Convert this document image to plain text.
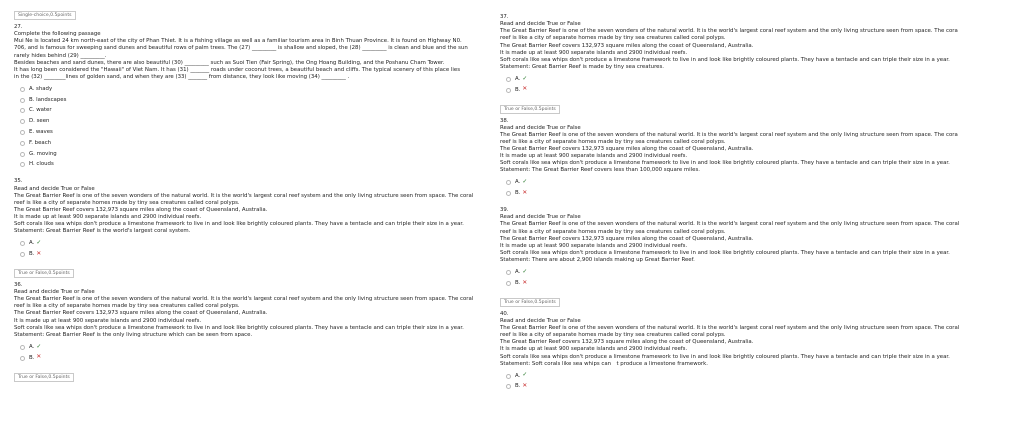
Single-choice,0.5points
27.
Complete the following passage

Mui Ne is located 24 km north-east of the city of Phan Thiet. It is a fishing village as well as a familiar tourism area in Binh Thuan Province. It is found on Highway N0.

706, and is famous for sweeping sand dunes and beautiful rows of palm trees. The (27) _________ is shallow and sloped, the (28) _________ is clean and blue and the sun

rarely hides behind (29) _________.

Besides beaches and sand dunes, there are also beautiful (30) _________ such as Suoi Tien (Fair Spring), the Ong Hoang Building, and the Poshanu Cham Tower.

It has long been considered the "Hawaii" of Viet Nam. It has (31) _______ roads under coconut trees, a beautiful beach and cliffs. The typical scenery of this place lies

in the (32) ________lines of golden sand, and when they are (33) _______ from distance, they look like moving (34) _________ .

A. shady
B. landscapes
C. water
D. seen
E. waves
F. beach
G. moving
H. clouds
35.
Read and decide True or False

The Great Barrier Reef is one of the seven wonders of the natural world. It is the world's largest coral reef system and the only living structure seen from space. The coral

reef is like a city of separate homes made by tiny sea creatures called coral polyps.

The Great Barrier Reef covers 132,973 square miles along the coast of Queensland, Australia.

It is made up at least 900 separate islands and 2900 individual reefs.

Soft corals like sea whips don't produce a limestone framework to live in and look like brightly coloured plants. They have a tentacle and can triple their size in a year.

Statement: Great Barrier Reef is the world's largest coral system.

A. ✓
B. ✕
True or False,0.5points
36.
Read and decide True or False

The Great Barrier Reef is one of the seven wonders of the natural world. It is the world's largest coral reef system and the only living structure seen from space. The coral

reef is like a city of separate homes made by tiny sea creatures called coral polyps.

The Great Barrier Reef covers 132,973 square miles along the coast of Queensland, Australia.

It is made up at least 900 separate islands and 2900 individual reefs.

Soft corals like sea whips don't produce a limestone framework to live in and look like brightly coloured plants. They have a tentacle and can triple their size in a year.

Statement: Great Barrier Reef is the only living structure which can be seen from space.

A. ✓
B. ✕
True or False,0.5points
37.
Read and decide True or False

The Great Barrier Reef is one of the seven wonders of the natural world. It is the world's largest coral reef system and the only living structure seen from space. The cora

reef is like a city of separate homes made by tiny sea creatures called coral polyps.

The Great Barrier Reef covers 132,973 square miles along the coast of Queensland, Australia.

It is made up at least 900 separate islands and 2900 individual reefs.

Soft corals like sea whips don't produce a limestone framework to live in and look like brightly coloured plants. They have a tentacle and can triple their size in a year.

Statement: Great Barrier Reef is made by tiny sea creatures.

A. ✓
B. ✕
True or False,0.5points
38.
Read and decide True or False

The Great Barrier Reef is one of the seven wonders of the natural world. It is the world's largest coral reef system and the only living structure seen from space. The cora

reef is like a city of separate homes made by tiny sea creatures called coral polyps.

The Great Barrier Reef covers 132,973 square miles along the coast of Queensland, Australia.

It is made up at least 900 separate islands and 2900 individual reefs.

Soft corals like sea whips don't produce a limestone framework to live in and look like brightly coloured plants. They have a tentacle and can triple their size in a year.

Statement: The Great Barrier Reef covers less than 100,000 square miles.

A. ✓
B. ✕
39.
Read and decide True or False

The Great Barrier Reef is one of the seven wonders of the natural world. It is the world's largest coral reef system and the only living structure seen from space. The coral

reef is like a city of separate homes made by tiny sea creatures called coral polyps.

The Great Barrier Reef covers 132,973 square miles along the coast of Queensland, Australia.

It is made up at least 900 separate islands and 2900 individual reefs.

Soft corals like sea whips don't produce a limestone framework to live in and look like brightly coloured plants. They have a tentacle and can triple their size in a year.

Statement: There are about 2,900 islands making up Great Barrier Reef.

A. ✓
B. ✕
True or False,0.5points
40.
Read and decide True or False

The Great Barrier Reef is one of the seven wonders of the natural world. It is the world's largest coral reef system and the only living structure seen from space. The coral

reef is like a city of separate homes made by tiny sea creatures called coral polyps.

The Great Barrier Reef covers 132,973 square miles along the coast of Queensland, Australia.

It is made up at least 900 separate islands and 2900 individual reefs.

Soft corals like sea whips don't produce a limestone framework to live in and look like brightly coloured plants. They have a tentacle and can triple their size in a year.

Statement: Soft corals like sea whips can　t produce a limestone framework.

A. ✓
B. ✕
